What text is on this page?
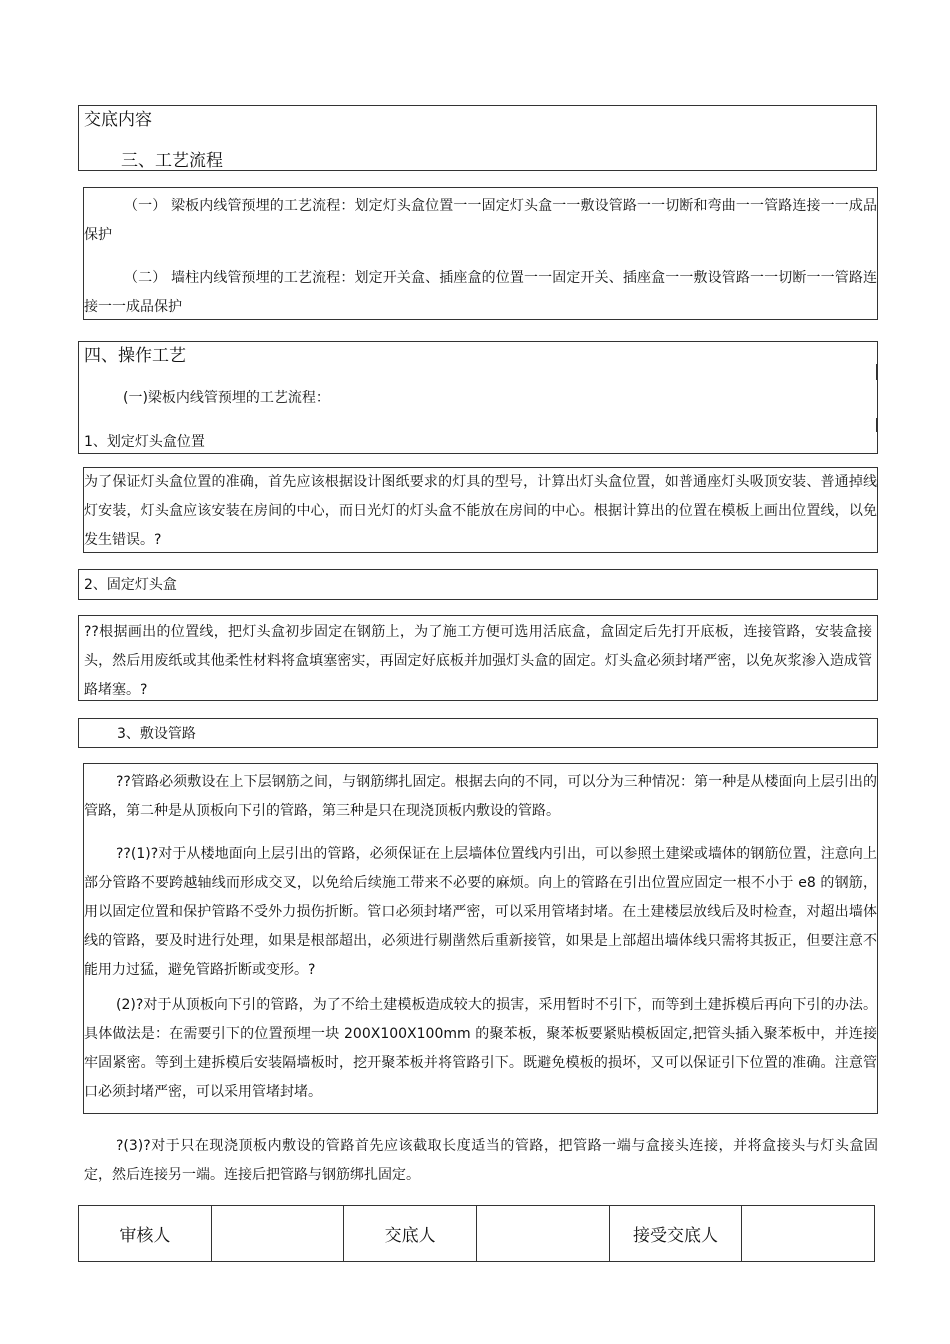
交底内容
三、工艺流程
（一） 梁板内线管预埋的工艺流程：划定灯头盒位置一一固定灯头盒一一敷设管路一一切断和弯曲一一管路连接一一成品保护
（二） 墙柱内线管预埋的工艺流程：划定开关盒、插座盒的位置一一固定开关、插座盒一一敷设管路一一切断一一管路连接一一成品保护
四、操作工艺
(一)梁板内线管预埋的工艺流程：
1、划定灯头盒位置
为了保证灯头盒位置的准确，首先应该根据设计图纸要求的灯具的型号，计算出灯头盒位置，如普通座灯头吸顶安装、普通掉线灯安装，灯头盒应该安装在房间的中心，而日光灯的灯头盒不能放在房间的中心。根据计算出的位置在模板上画出位置线，以免发生错误。?
2、固定灯头盒
??根据画出的位置线，把灯头盒初步固定在钢筋上，为了施工方便可选用活底盒，盒固定后先打开底板，连接管路，安装盒接头，然后用废纸或其他柔性材料将盒填塞密实，再固定好底板并加强灯头盒的固定。灯头盒必须封堵严密，以免灰浆渗入造成管路堵塞。?
3、敷设管路
??管路必须敷设在上下层钢筋之间，与钢筋绑扎固定。根据去向的不同，可以分为三种情况：第一种是从楼面向上层引出的管路，第二种是从顶板向下引的管路，第三种是只在现浇顶板内敷设的管路。
??(1)?对于从楼地面向上层引出的管路，必须保证在上层墙体位置线内引出，可以参照土建梁或墙体的钢筋位置，注意向上部分管路不要跨越轴线而形成交叉，以免给后续施工带来不必要的麻烦。向上的管路在引出位置应固定一根不小于 e8 的钢筋，用以固定位置和保护管路不受外力损伤折断。管口必须封堵严密，可以采用管堵封堵。在土建楼层放线后及时检查，对超出墙体线的管路，要及时进行处理，如果是根部超出，必须进行剔凿然后重新接管，如果是上部超出墙体线只需将其扳正，但要注意不能用力过猛，避免管路折断或变形。?
(2)?对于从顶板向下引的管路，为了不给土建模板造成较大的损害，采用暂时不引下，而等到土建拆模后再向下引的办法。具体做法是：在需要引下的位置预埋一块 200X100X100mm 的聚苯板，聚苯板要紧贴模板固定,把管头插入聚苯板中，并连接牢固紧密。等到土建拆模后安装隔墙板时，挖开聚苯板并将管路引下。既避免模板的损坏，又可以保证引下位置的准确。注意管口必须封堵严密，可以采用管堵封堵。
?(3)?对于只在现浇顶板内敷设的管路首先应该截取长度适当的管路，把管路一端与盒接头连接，并将盒接头与灯头盒固定，然后连接另一端。连接后把管路与钢筋绑扎固定。
审核人		交底人		接受交底人	
